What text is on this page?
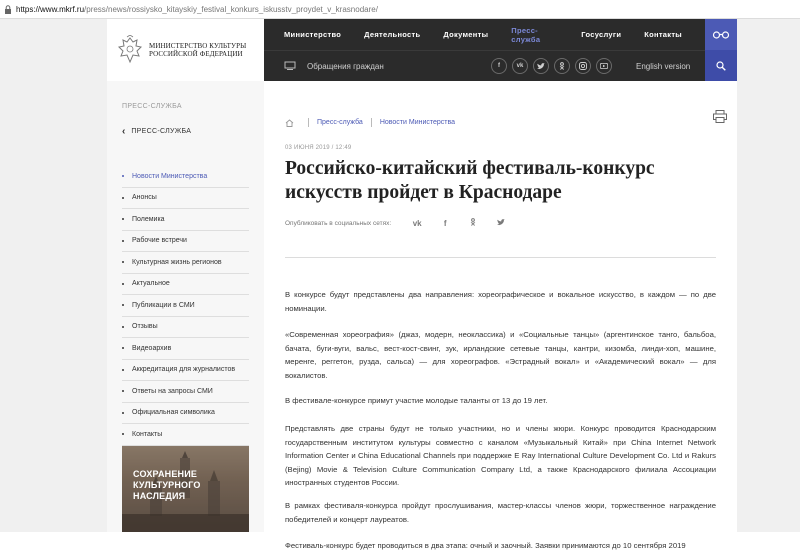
https://www.mkrf.ru /press/news/rossiysko_kitayskiy_festival_konkurs_iskusstv_proydet_v_krasnodare/
МИНИСТЕРСТВО КУЛЬТУРЫ
РОССИЙСКОЙ ФЕДЕРАЦИИ
Министерство	Деятельность	Документы	Пресс-служба	Госуслуги	Контакты
Обращения граждан	f	vk	English version
ПРЕСС-СЛУЖБА
‹ ПРЕСС-СЛУЖБА
Новости Министерства
Анонсы
Полемика
Рабочие встречи
Культурная жизнь регионов
Актуальное
Публикации в СМИ
Отзывы
Видеоархив
Аккредитация для журналистов
Ответы на запросы СМИ
Официальная символика
Контакты
СОХРАНЕНИЕ
КУЛЬТУРНОГО
НАСЛЕДИЯ
Пресс-служба Новости Министерства
03 ИЮНЯ 2019 / 12:49
Российско-китайский фестиваль-конкурс искусств пройдет в Краснодаре
Опубликовать в социальных сетях:	vk	f
В конкурсе будут представлены два направления: хореографическое и вокальное искусство, в каждом — по две номинации.
«Современная хореография» (джаз, модерн, неоклассика) и «Социальные танцы» (аргентинское танго, бальбоа, бачата, буги-вуги, вальс, вест-кост-свинг, зук, ирландские сетевые танцы, кантри, кизомба, линди-хоп, машине, меренге, реггетон, рузда, сальса) — для хореографов. «Эстрадный вокал» и «Академический вокал» — для вокалистов.
В фестивале-конкурсе примут участие молодые таланты от 13 до 19 лет.
Представлять две страны будут не только участники, но и члены жюри. Конкурс проводится Краснодарским государственным институтом культуры совместно с каналом «Музыкальный Китай» при China Internet Network Information Center и China Educational Channels при поддержке E Ray International Culture Development Co. Ltd и Rakurs (Bejing) Movie & Television Culture Communication Company Ltd, а также Краснодарского филиала Ассоциации иностранных студентов России.
В рамках фестиваля-конкурса пройдут прослушивания, мастер-классы членов жюри, торжественное награждение победителей и концерт лауреатов.
Фестиваль-конкурс будет проводиться в два этапа: очный и заочный. Заявки принимаются до 10 сентября 2019
